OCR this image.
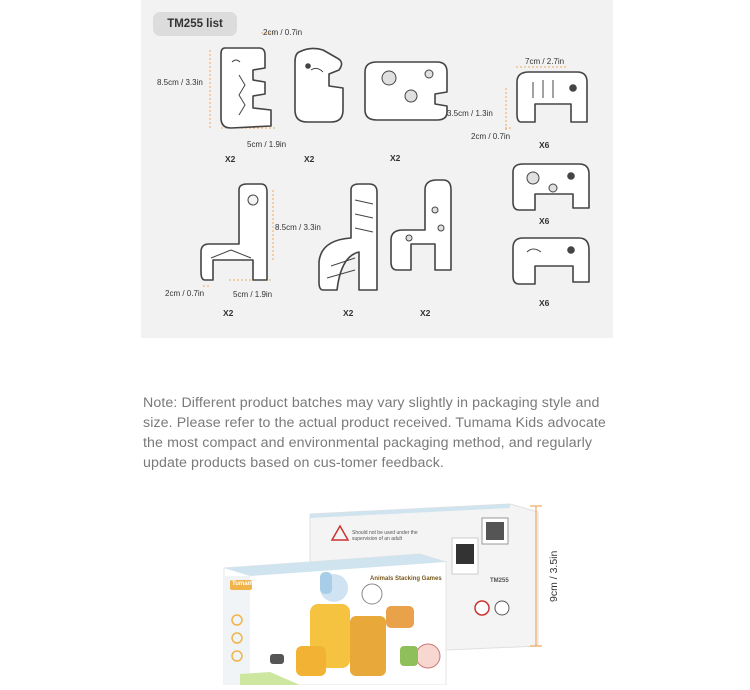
TM255 list
2cm / 0.7in
8.5cm / 3.3in
5cm / 1.9in
7cm / 2.7in
3.5cm / 1.3in
2cm / 0.7in
8.5cm / 3.3in
2cm / 0.7in	5cm / 1.9in
X2	X2	X2
X6
X6
X6
X2	X2	X2
Note: Different product batches may vary slightly in packaging style and size. Please refer to the actual product received. Tumama Kids advocate the most compact and environmental packaging method, and regularly update products based on cus-tomer feedback.
Tumama
Animals Stacking Games
Should not be used under the supervision of an adult
TM255	9cm / 3.5in
